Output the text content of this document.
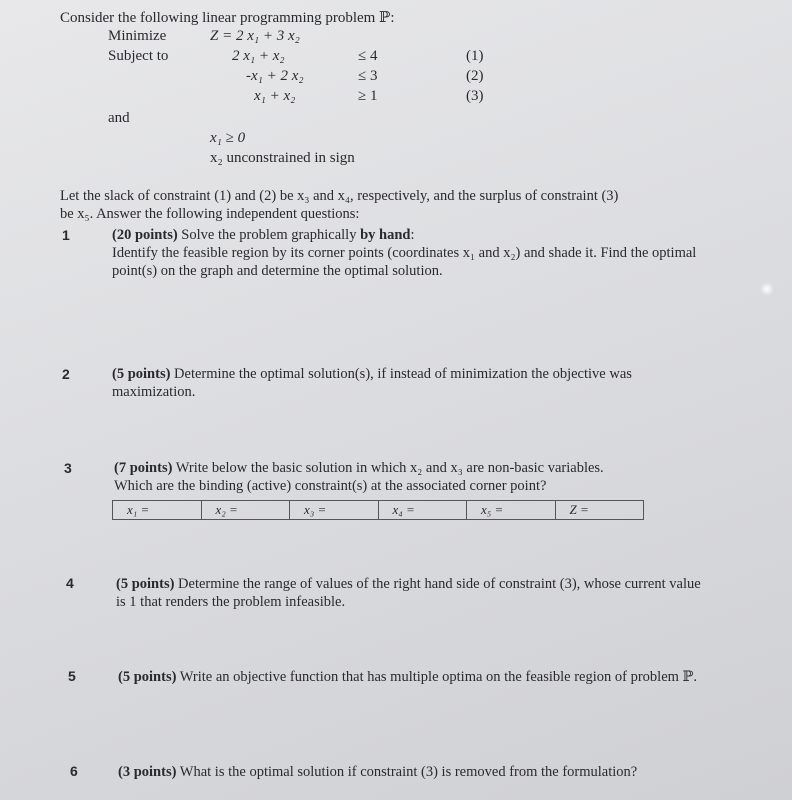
Consider the following linear programming problem ℙ:
Minimize	Z = 2 x₁ + 3 x₂
Subject to	2 x₁ + x₂	≤ 4	(1)
-x₁ + 2 x₂	≤ 3	(2)
x₁ + x₂	≥ 1	(3)
and
x₁ ≥ 0
x₂ unconstrained in sign
Let the slack of constraint (1) and (2) be x₃ and x₄, respectively, and the surplus of constraint (3)
be x₅. Answer the following independent questions:
1	(20 points) Solve the problem graphically by hand:
Identify the feasible region by its corner points (coordinates x₁ and x₂) and shade it. Find the optimal point(s) on the graph and determine the optimal solution.
2	(5 points) Determine the optimal solution(s), if instead of minimization the objective was maximization.
3	(7 points) Write below the basic solution in which x₂ and x₃ are non-basic variables.
Which are the binding (active) constraint(s) at the associated corner point?
x₁ =	x₂ =	x₃ =	x₄ =	x₅ =	Z =
4	(5 points) Determine the range of values of the right hand side of constraint (3), whose current value is 1 that renders the problem infeasible.
5	(5 points) Write an objective function that has multiple optima on the feasible region of problem ℙ.
6	(3 points) What is the optimal solution if constraint (3) is removed from the formulation?
